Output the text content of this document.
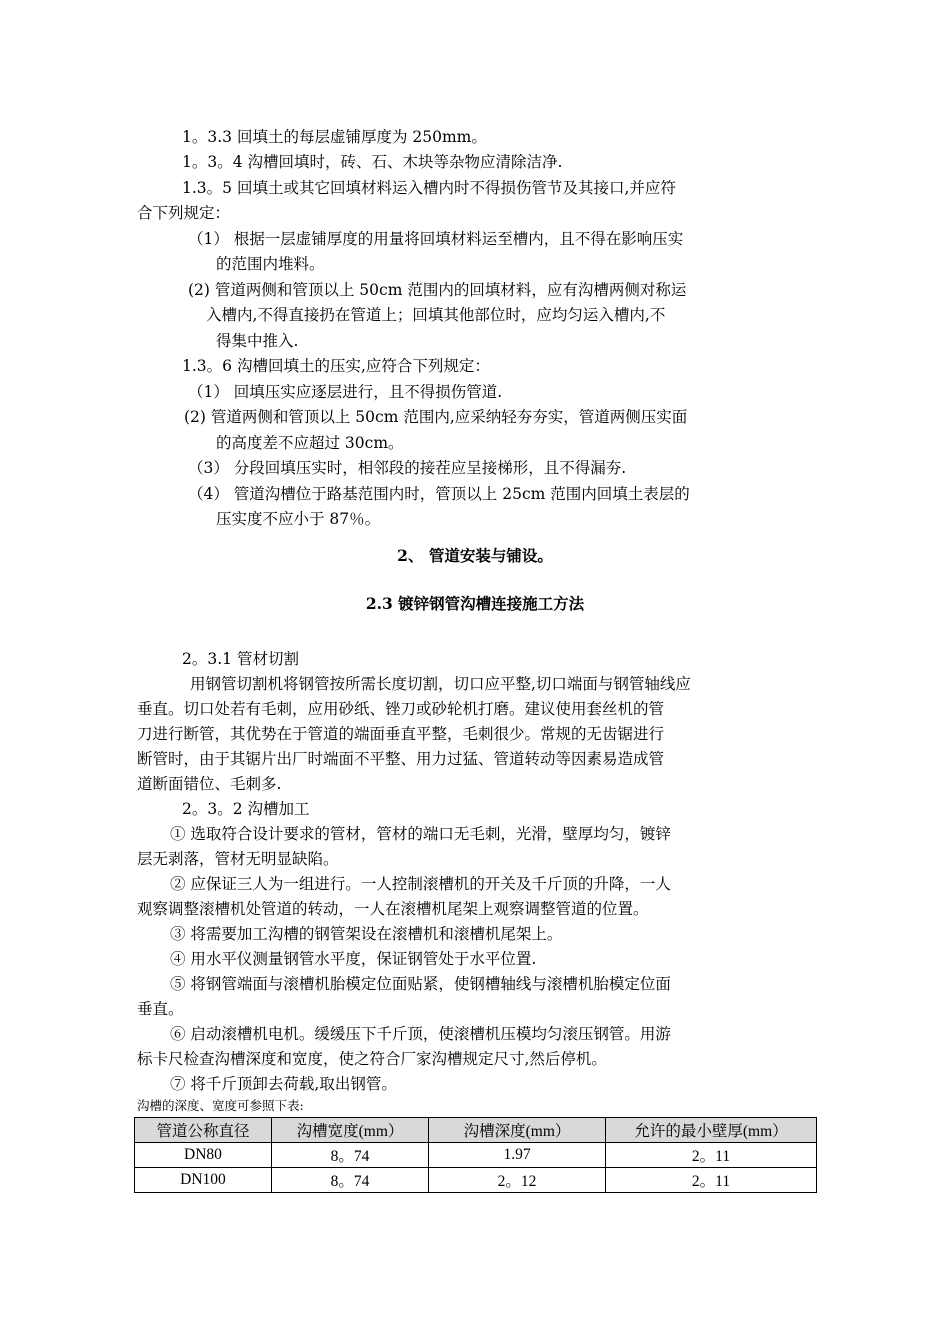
1。3.3 回填土的每层虚铺厚度为 250mm。
1。3。4 沟槽回填时，砖、石、木块等杂物应清除洁净.
1.3。5 回填土或其它回填材料运入槽内时不得损伤管节及其接口,并应符
合下列规定：
（1） 根据一层虚铺厚度的用量将回填材料运至槽内，且不得在影响压实
的范围内堆料。
(2) 管道两侧和管顶以上 50cm 范围内的回填材料，应有沟槽两侧对称运
入槽内,不得直接扔在管道上；回填其他部位时，应均匀运入槽内,不
得集中推入.
1.3。6 沟槽回填土的压实,应符合下列规定：
（1） 回填压实应逐层进行，且不得损伤管道.
(2) 管道两侧和管顶以上 50cm 范围内,应采纳轻夯夯实，管道两侧压实面
的高度差不应超过 30cm。
（3） 分段回填压实时，相邻段的接茬应呈接梯形，且不得漏夯.
（4） 管道沟槽位于路基范围内时，管顶以上 25cm 范围内回填土表层的
压实度不应小于 87％。
2、 管道安装与铺设。
2.3 镀锌钢管沟槽连接施工方法
2。3.1 管材切割
用钢管切割机将钢管按所需长度切割，切口应平整,切口端面与钢管轴线应
垂直。切口处若有毛刺，应用砂纸、锉刀或砂轮机打磨。建议使用套丝机的管
刀进行断管，其优势在于管道的端面垂直平整，毛刺很少。常规的无齿锯进行
断管时，由于其锯片出厂时端面不平整、用力过猛、管道转动等因素易造成管
道断面错位、毛刺多.
2。3。2 沟槽加工
① 选取符合设计要求的管材，管材的端口无毛刺，光滑，壁厚均匀，镀锌
层无剥落，管材无明显缺陷。
② 应保证三人为一组进行。一人控制滚槽机的开关及千斤顶的升降，一人
观察调整滚槽机处管道的转动，一人在滚槽机尾架上观察调整管道的位置。
③ 将需要加工沟槽的钢管架设在滚槽机和滚槽机尾架上。
④ 用水平仪测量钢管水平度，保证钢管处于水平位置.
⑤ 将钢管端面与滚槽机胎模定位面贴紧，使钢槽轴线与滚槽机胎模定位面
垂直。
⑥ 启动滚槽机电机。缓缓压下千斤顶，使滚槽机压模均匀滚压钢管。用游
标卡尺检查沟槽深度和宽度，使之符合厂家沟槽规定尺寸,然后停机。
⑦ 将千斤顶卸去荷载,取出钢管。
沟槽的深度、宽度可参照下表:
管道公称直径	沟槽宽度(mm）	沟槽深度(mm）	允许的最小壁厚(mm）
DN80	8。74	1.97	2。11
DN100	8。74	2。12	2。11
